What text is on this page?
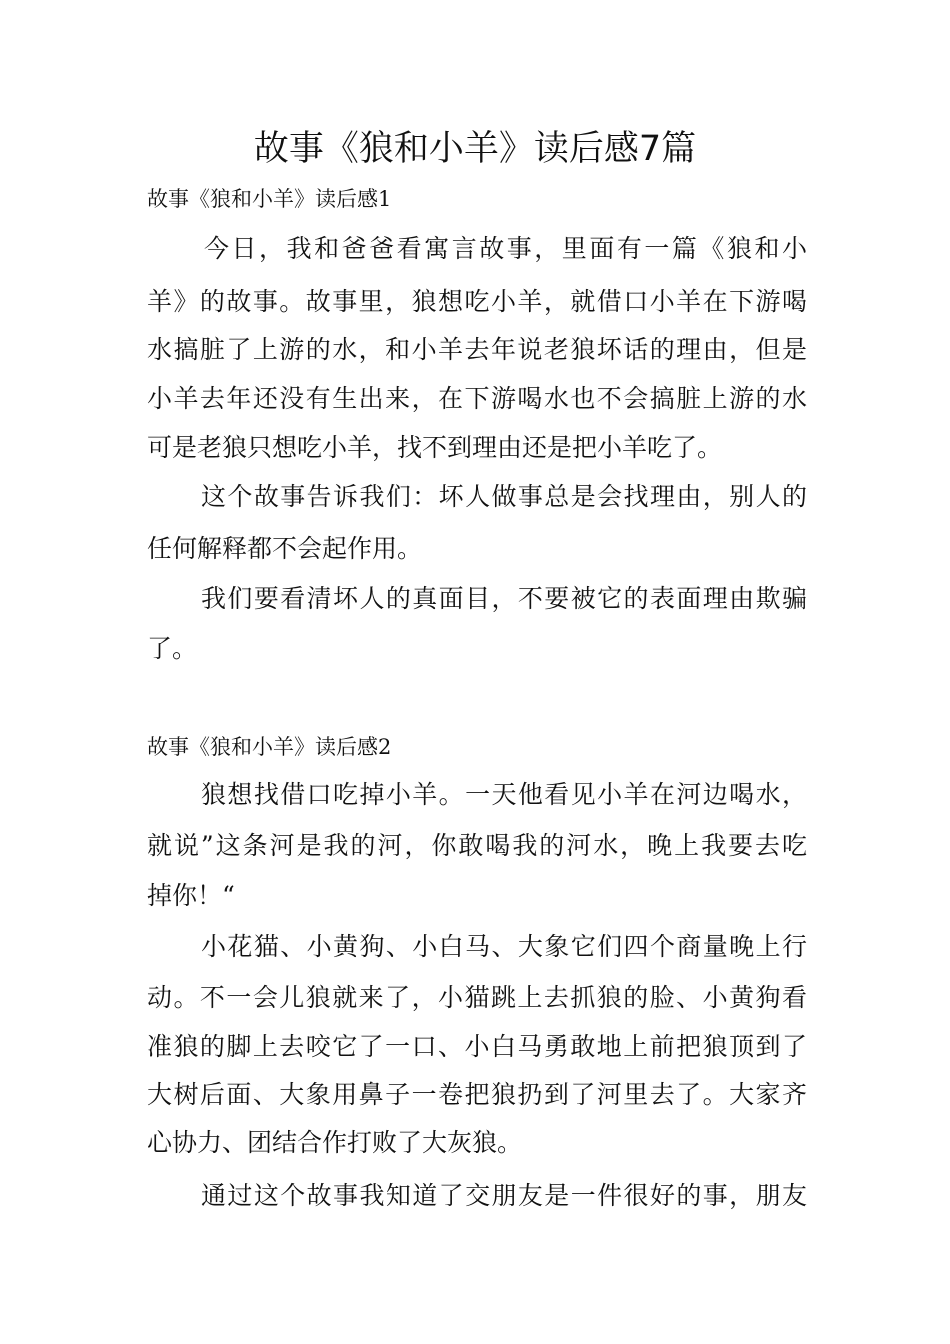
故事《狼和小羊》读后感7篇
故事《狼和小羊》读后感1

今日，我和爸爸看寓言故事，里面有一篇《狼和小

羊》的故事。故事里，狼想吃小羊，就借口小羊在下游喝

水搞脏了上游的水，和小羊去年说老狼坏话的理由，但是

小羊去年还没有生出来，在下游喝水也不会搞脏上游的水

可是老狼只想吃小羊，找不到理由还是把小羊吃了。

这个故事告诉我们：坏人做事总是会找理由，别人的

任何解释都不会起作用。

我们要看清坏人的真面目，不要被它的表面理由欺骗

了。

故事《狼和小羊》读后感2

狼想找借口吃掉小羊。一天他看见小羊在河边喝水，

就说”这条河是我的河，你敢喝我的河水，晚上我要去吃

掉你！“

小花猫、小黄狗、小白马、大象它们四个商量晚上行

动。不一会儿狼就来了，小猫跳上去抓狼的脸、小黄狗看

准狼的脚上去咬它了一口、小白马勇敢地上前把狼顶到了

大树后面、大象用鼻子一卷把狼扔到了河里去了。大家齐

心协力、团结合作打败了大灰狼。

通过这个故事我知道了交朋友是一件很好的事，朋友
